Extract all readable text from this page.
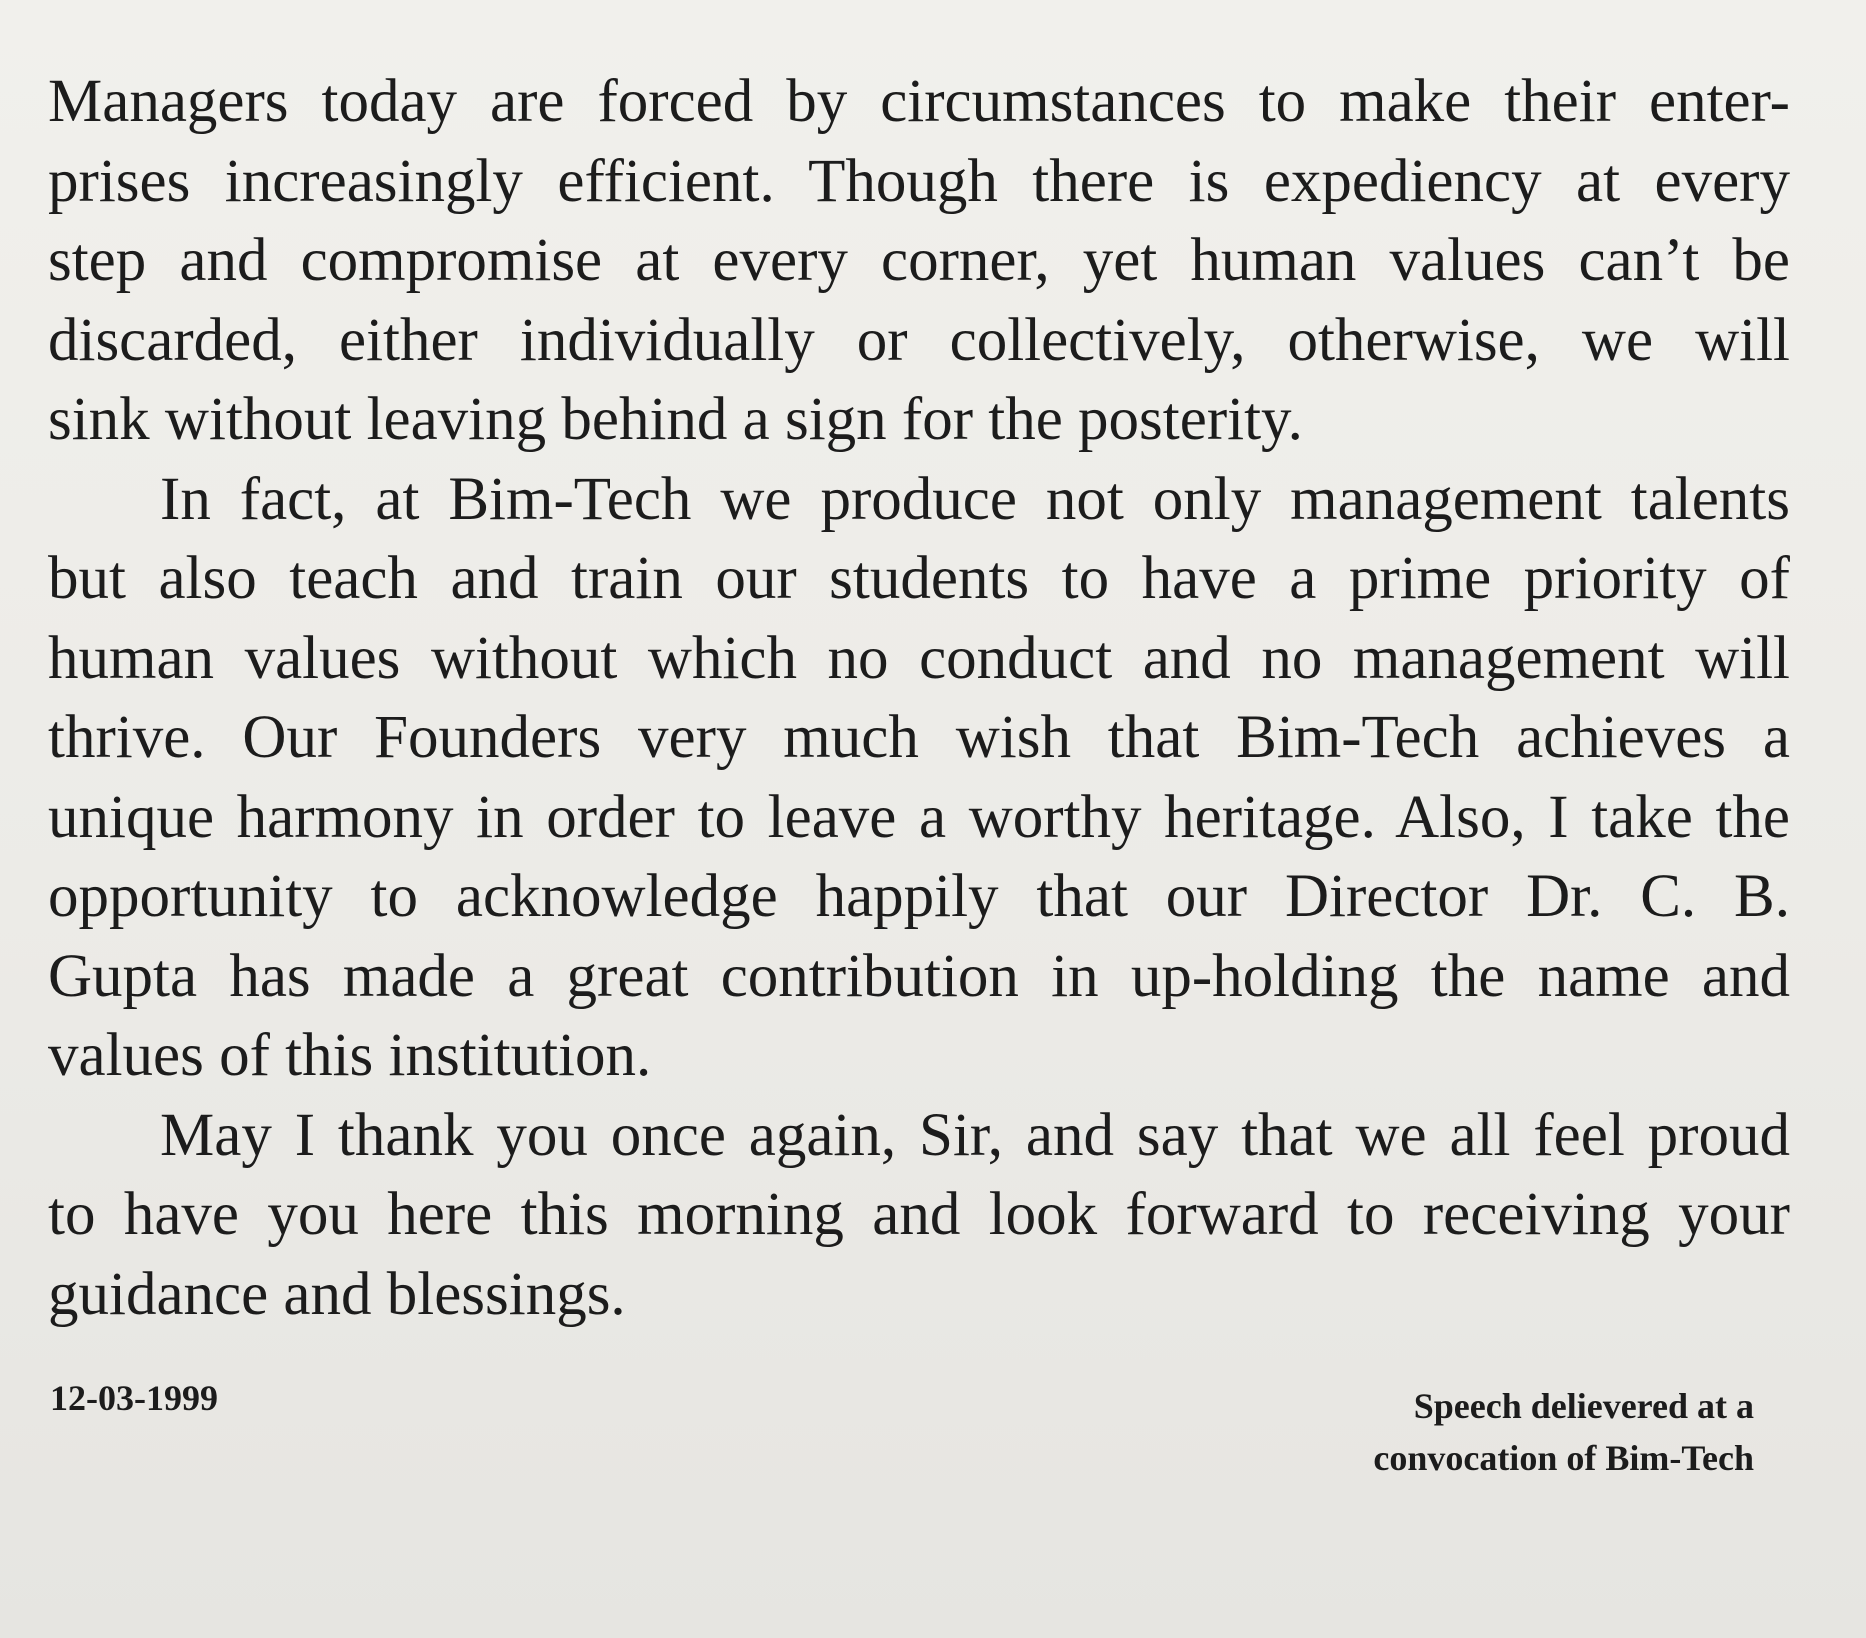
Managers today are forced by circumstances to make their enter-
prises increasingly efficient. Though there is expediency at every
step and compromise at every corner, yet human values can’t be
discarded, either individually or collectively, otherwise, we will
sink without leaving behind a sign for the posterity.

In fact, at Bim-Tech we produce not only management talents
but also teach and train our students to have a prime priority of
human values without which no conduct and no management will
thrive. Our Founders very much wish that Bim-Tech achieves a
unique harmony in order to leave a worthy heritage. Also, I take the
opportunity to acknowledge happily that our Director Dr. C. B.
Gupta has made a great contribution in up-holding the name and
values of this institution.

May I thank you once again, Sir, and say that we all feel proud
to have you here this morning and look forward to receiving your
guidance and blessings.

12-03-1999	Speech delievered at a
convocation of Bim-Tech
